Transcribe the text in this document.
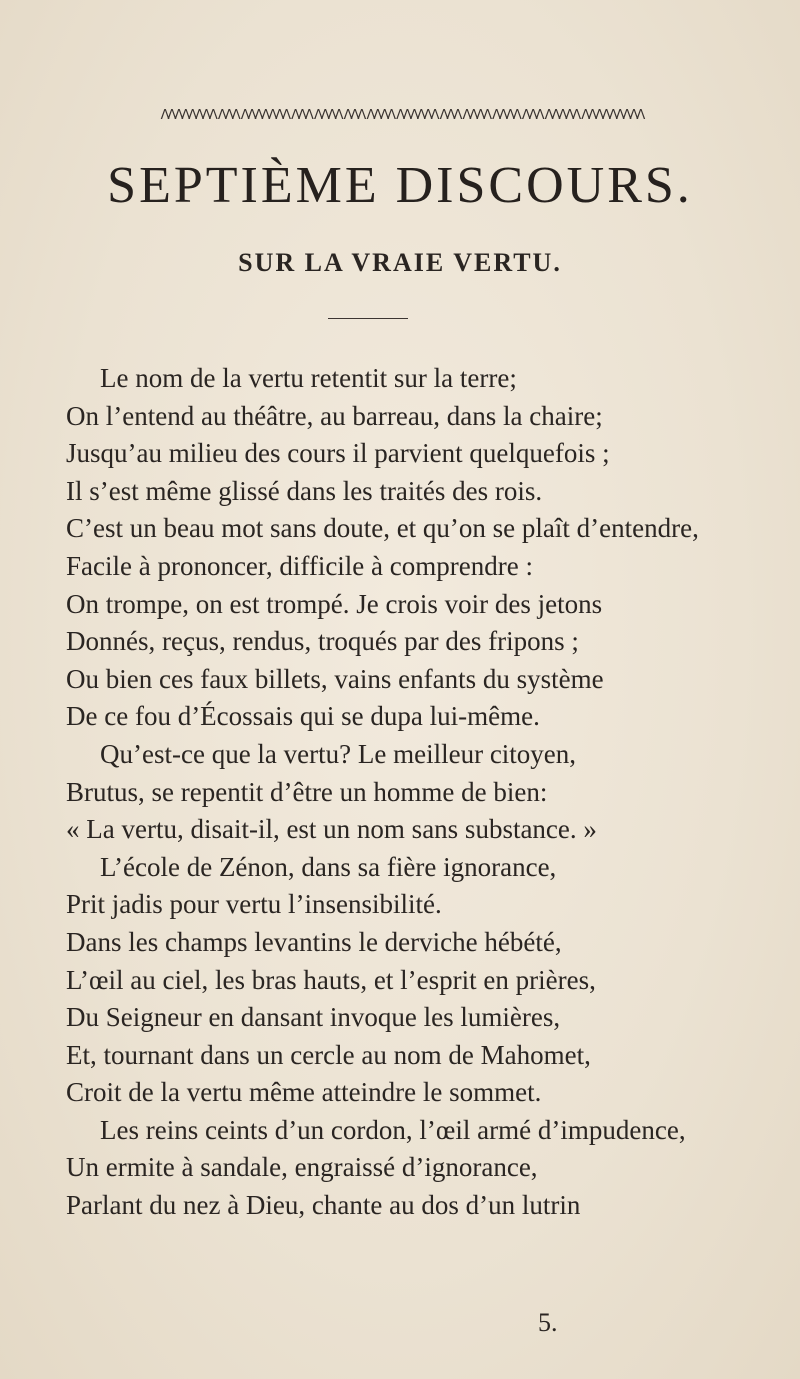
ɅɅɅɅɅɅɅɅ ɅɅɅ ɅɅɅɅɅɅɅ ɅɅɅ ɅɅɅɅ ɅɅɅ ɅɅɅɅ ɅɅɅɅɅɅ ɅɅɅ ɅɅɅɅ ɅɅɅɅ ɅɅɅ ɅɅɅɅɅ ɅɅɅɅɅɅɅɅɅ
SEPTIÈME DISCOURS.
SUR LA VRAIE VERTU.
Le nom de la vertu retentit sur la terre;
On l’entend au théâtre, au barreau, dans la chaire;
Jusqu’au milieu des cours il parvient quelquefois ;
Il s’est même glissé dans les traités des rois.
C’est un beau mot sans doute, et qu’on se plaît d’entendre,
Facile à prononcer, difficile à comprendre :
On trompe, on est trompé. Je crois voir des jetons
Donnés, reçus, rendus, troqués par des fripons ;
Ou bien ces faux billets, vains enfants du système
De ce fou d’Écossais qui se dupa lui-même.
Qu’est-ce que la vertu? Le meilleur citoyen,
Brutus, se repentit d’être un homme de bien:
« La vertu, disait-il, est un nom sans substance. »
L’école de Zénon, dans sa fière ignorance,
Prit jadis pour vertu l’insensibilité.
Dans les champs levantins le derviche hébété,
L’œil au ciel, les bras hauts, et l’esprit en prières,
Du Seigneur en dansant invoque les lumières,
Et, tournant dans un cercle au nom de Mahomet,
Croit de la vertu même atteindre le sommet.
Les reins ceints d’un cordon, l’œil armé d’impudence,
Un ermite à sandale, engraissé d’ignorance,
Parlant du nez à Dieu, chante au dos d’un lutrin
5.
